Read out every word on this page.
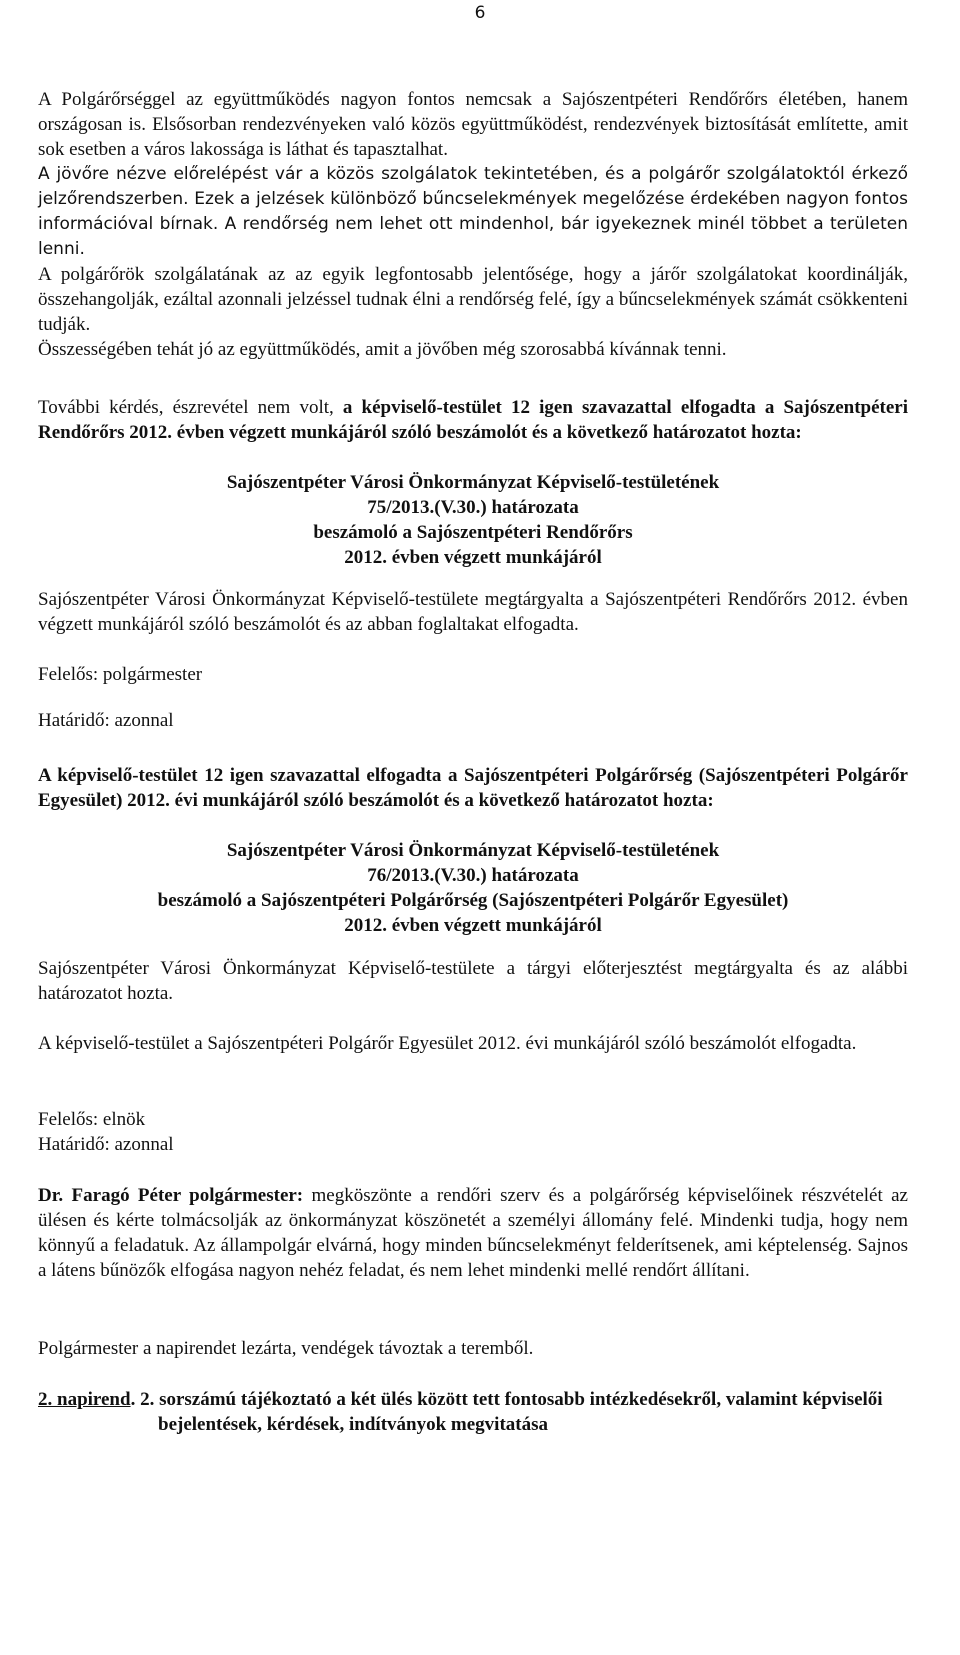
6

A Polgárőrséggel az együttműködés nagyon fontos nemcsak a Sajószentpéteri Rendőrőrs életében, hanem országosan is. Elsősorban rendezvényeken való közös együttműködést, rendezvények biztosítását említette, amit sok esetben a város lakossága is láthat és tapasztalhat.

A jövőre nézve előrelépést vár a közös szolgálatok tekintetében, és a polgárőr szolgálatoktól érkező jelzőrendszerben. Ezek a jelzések különböző bűncselekmények megelőzése érdekében nagyon fontos információval bírnak. A rendőrség nem lehet ott mindenhol, bár igyekeznek minél többet a területen lenni.

A polgárőrök szolgálatának az az egyik legfontosabb jelentősége, hogy a járőr szolgálatokat koordinálják, összehangolják, ezáltal azonnali jelzéssel tudnak élni a rendőrség felé, így a bűncselekmények számát csökkenteni tudják.

Összességében tehát jó az együttműködés, amit a jövőben még szorosabbá kívánnak tenni.

További kérdés, észrevétel nem volt, a képviselő-testület 12 igen szavazattal elfogadta a Sajószentpéteri Rendőrőrs 2012. évben végzett munkájáról szóló beszámolót és a következő határozatot hozta:

Sajószentpéter Városi Önkormányzat Képviselő-testületének
75/2013.(V.30.) határozata
beszámoló a Sajószentpéteri Rendőrőrs
2012. évben végzett munkájáról

Sajószentpéter Városi Önkormányzat Képviselő-testülete megtárgyalta a Sajószentpéteri Rendőrőrs 2012. évben végzett munkájáról szóló beszámolót és az abban foglaltakat elfogadta.

Felelős: polgármester

Határidő: azonnal

A képviselő-testület 12 igen szavazattal elfogadta a Sajószentpéteri Polgárőrség (Sajószentpéteri Polgárőr Egyesület) 2012. évi munkájáról szóló beszámolót és a következő határozatot hozta:

Sajószentpéter Városi Önkormányzat Képviselő-testületének
76/2013.(V.30.) határozata
beszámoló a Sajószentpéteri Polgárőrség (Sajószentpéteri Polgárőr Egyesület)
2012. évben végzett munkájáról

Sajószentpéter Városi Önkormányzat Képviselő-testülete a tárgyi előterjesztést megtárgyalta és az alábbi határozatot hozta.

A képviselő-testület a Sajószentpéteri Polgárőr Egyesület 2012. évi munkájáról szóló beszámolót elfogadta.

Felelős: elnök

Határidő: azonnal

Dr. Faragó Péter polgármester: megköszönte a rendőri szerv és a polgárőrség képviselőinek részvételét az ülésen és kérte tolmácsolják az önkormányzat köszönetét a személyi állomány felé. Mindenki tudja, hogy nem könnyű a feladatuk. Az állampolgár elvárná, hogy minden bűncselekményt felderítsenek, ami képtelenség. Sajnos a látens bűnözők elfogása nagyon nehéz feladat, és nem lehet mindenki mellé rendőrt állítani.

Polgármester a napirendet lezárta, vendégek távoztak a teremből.

2. napirend. 2. sorszámú tájékoztató a két ülés között tett fontosabb intézkedésekről, valamint képviselői bejelentések, kérdések, indítványok megvitatása
